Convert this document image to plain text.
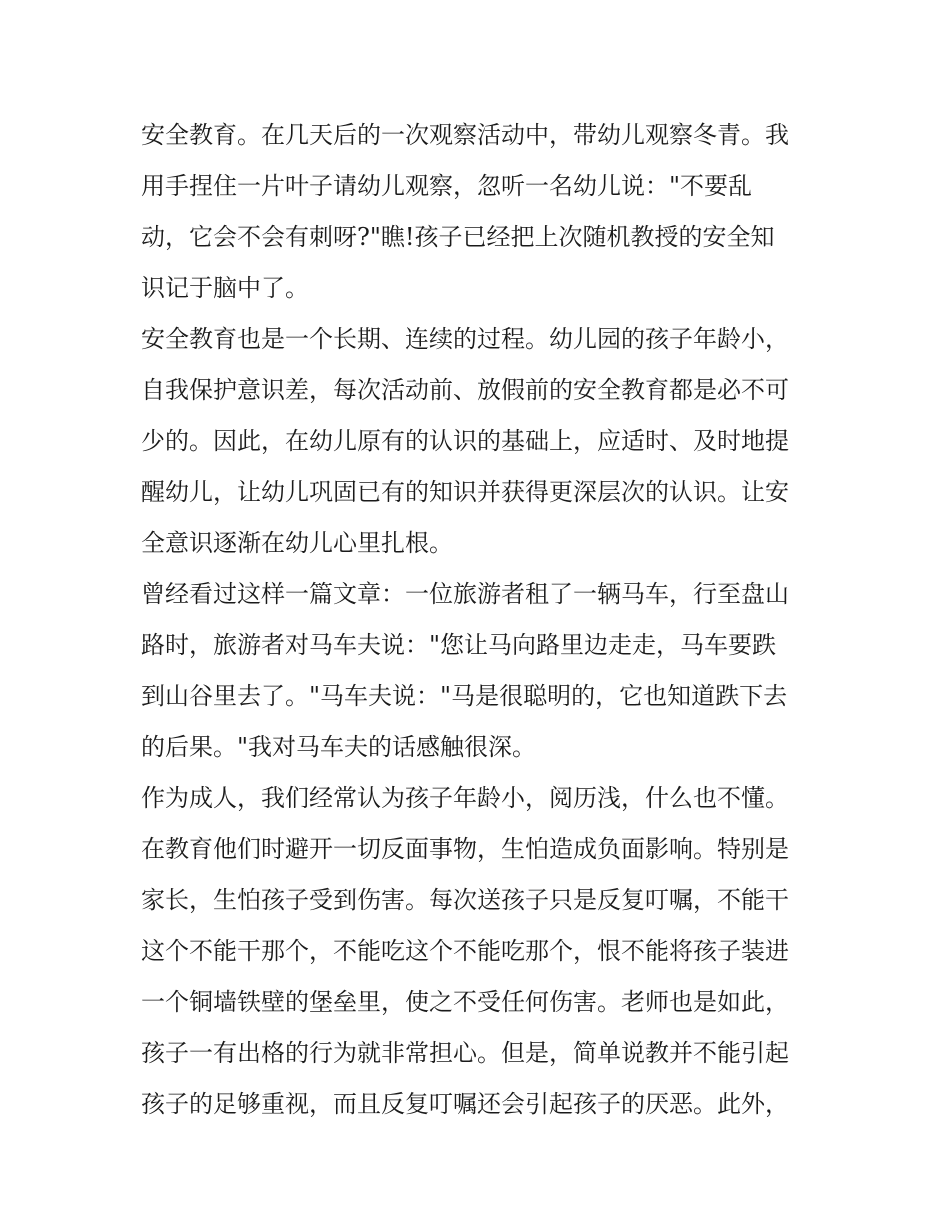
安全教育。在几天后的一次观察活动中，带幼儿观察冬青。我
用手捏住一片叶子请幼儿观察，忽听一名幼儿说："不要乱
动，它会不会有刺呀?"瞧!孩子已经把上次随机教授的安全知
识记于脑中了。
安全教育也是一个长期、连续的过程。幼儿园的孩子年龄小，
自我保护意识差，每次活动前、放假前的安全教育都是必不可
少的。因此，在幼儿原有的认识的基础上，应适时、及时地提
醒幼儿，让幼儿巩固已有的知识并获得更深层次的认识。让安
全意识逐渐在幼儿心里扎根。
曾经看过这样一篇文章：一位旅游者租了一辆马车，行至盘山
路时，旅游者对马车夫说："您让马向路里边走走，马车要跌
到山谷里去了。"马车夫说："马是很聪明的，它也知道跌下去
的后果。"我对马车夫的话感触很深。
作为成人，我们经常认为孩子年龄小，阅历浅，什么也不懂。
在教育他们时避开一切反面事物，生怕造成负面影响。特别是
家长，生怕孩子受到伤害。每次送孩子只是反复叮嘱，不能干
这个不能干那个，不能吃这个不能吃那个，恨不能将孩子装进
一个铜墙铁壁的堡垒里，使之不受任何伤害。老师也是如此，
孩子一有出格的行为就非常担心。但是，简单说教并不能引起
孩子的足够重视，而且反复叮嘱还会引起孩子的厌恶。此外，
